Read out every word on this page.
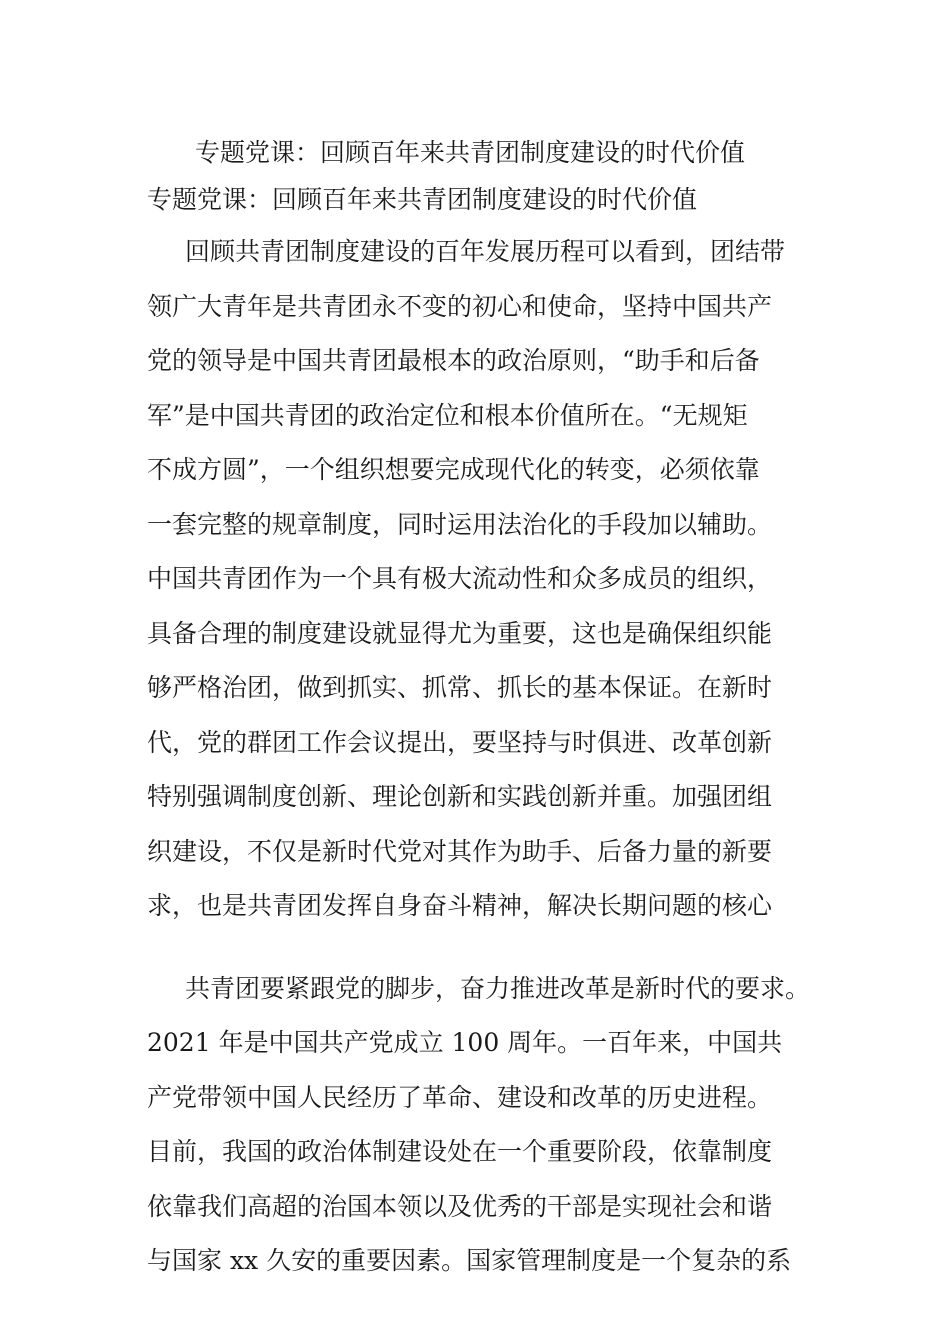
专题党课：回顾百年来共青团制度建设的时代价值
专题党课：回顾百年来共青团制度建设的时代价值
回顾共青团制度建设的百年发展历程可以看到，团结带
领广大青年是共青团永不变的初心和使命，坚持中国共产
党的领导是中国共青团最根本的政治原则，“助手和后备
军”是中国共青团的政治定位和根本价值所在。“无规矩
不成方圆”，一个组织想要完成现代化的转变，必须依靠
一套完整的规章制度，同时运用法治化的手段加以辅助。
中国共青团作为一个具有极大流动性和众多成员的组织，
具备合理的制度建设就显得尤为重要，这也是确保组织能
够严格治团，做到抓实、抓常、抓长的基本保证。在新时
代，党的群团工作会议提出，要坚持与时俱进、改革创新
特别强调制度创新、理论创新和实践创新并重。加强团组
织建设，不仅是新时代党对其作为助手、后备力量的新要
求，也是共青团发挥自身奋斗精神，解决长期问题的核心
共青团要紧跟党的脚步，奋力推进改革是新时代的要求。
2021 年是中国共产党成立 100 周年。一百年来，中国共
产党带领中国人民经历了革命、建设和改革的历史进程。
目前，我国的政治体制建设处在一个重要阶段，依靠制度
依靠我们高超的治国本领以及优秀的干部是实现社会和谐
与国家 xx 久安的重要因素。国家管理制度是一个复杂的系
